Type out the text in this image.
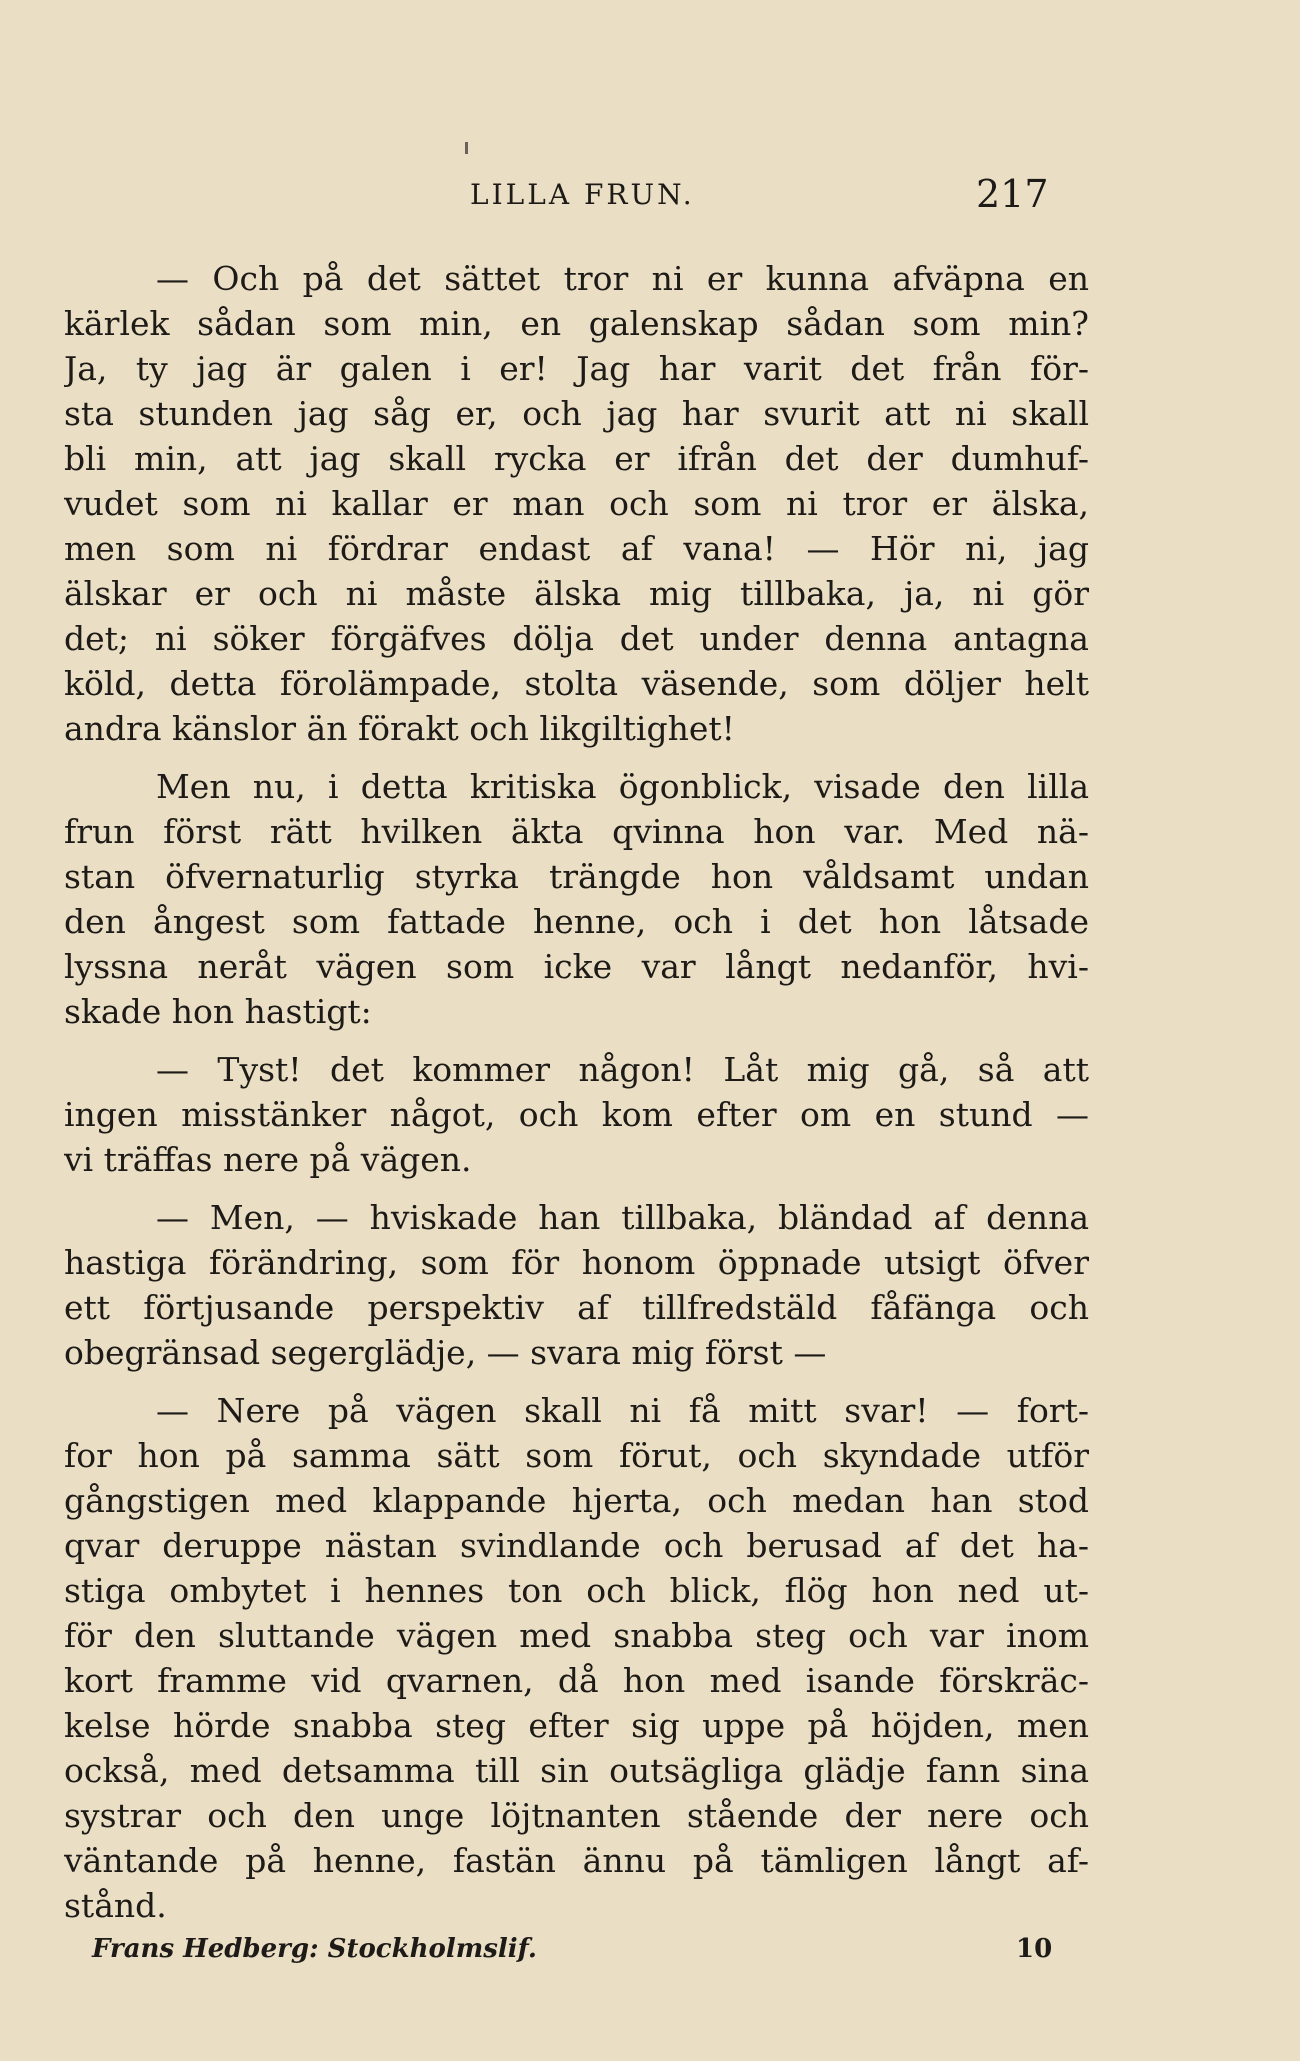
LILLA FRUN.	217
— Och på det sättet tror ni er kunna afväpna en
kärlek sådan som min, en galenskap sådan som min?
Ja, ty jag är galen i er! Jag har varit det från för-
sta stunden jag såg er, och jag har svurit att ni skall
bli min, att jag skall rycka er ifrån det der dumhuf-
vudet som ni kallar er man och som ni tror er älska,
men som ni fördrar endast af vana! — Hör ni, jag
älskar er och ni måste älska mig tillbaka, ja, ni gör
det; ni söker förgäfves dölja det under denna antagna
köld, detta förolämpade, stolta väsende, som döljer helt
andra känslor än förakt och likgiltighet!
Men nu, i detta kritiska ögonblick, visade den lilla
frun först rätt hvilken äkta qvinna hon var. Med nä-
stan öfvernaturlig styrka trängde hon våldsamt undan
den ångest som fattade henne, och i det hon låtsade
lyssna neråt vägen som icke var långt nedanför, hvi-
skade hon hastigt:
— Tyst! det kommer någon! Låt mig gå, så att
ingen misstänker något, och kom efter om en stund —
vi träffas nere på vägen.
— Men, — hviskade han tillbaka, bländad af denna
hastiga förändring, som för honom öppnade utsigt öfver
ett förtjusande perspektiv af tillfredstäld fåfänga och
obegränsad segerglädje, — svara mig först —
— Nere på vägen skall ni få mitt svar! — fort-
for hon på samma sätt som förut, och skyndade utför
gångstigen med klappande hjerta, och medan han stod
qvar deruppe nästan svindlande och berusad af det ha-
stiga ombytet i hennes ton och blick, flög hon ned ut-
för den sluttande vägen med snabba steg och var inom
kort framme vid qvarnen, då hon med isande förskräc-
kelse hörde snabba steg efter sig uppe på höjden, men
också, med detsamma till sin outsägliga glädje fann sina
systrar och den unge löjtnanten stående der nere och
väntande på henne, fastän ännu på tämligen långt af-
stånd.
Frans Hedberg: Stockholmslif.	10
